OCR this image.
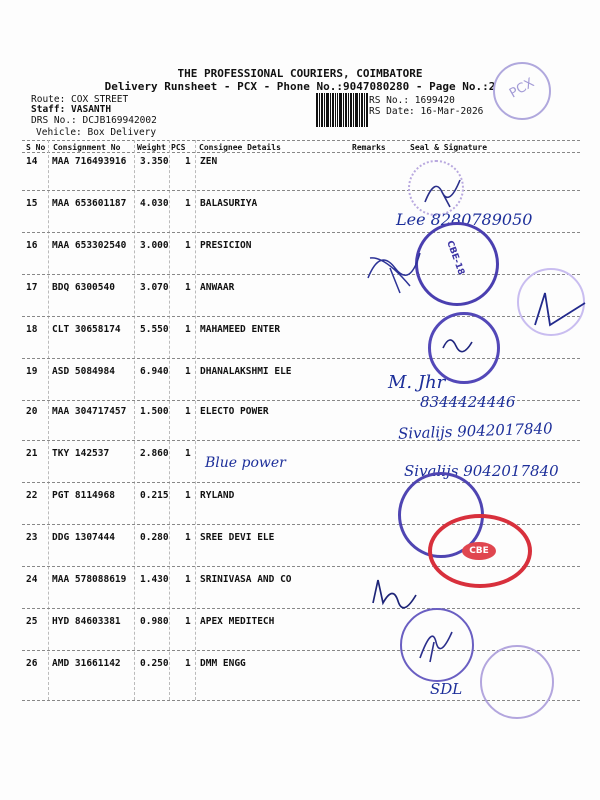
THE PROFESSIONAL COURIERS, COIMBATORE
Delivery Runsheet - PCX - Phone No.:9047080280 - Page No.:2
Route: COX STREET
Staff: VASANTH
DRS No.: DCJB169942002
Vehicle: Box Delivery
RS No.: 1699420
RS Date: 16-Mar-2026
PCX
S No Consignment No Weight PCS Consignee Details	Remarks	Seal & Signature
14 MAA 716493916 3.350 1 ZEN
15 MAA 653601187 4.030 1 BALASURIYA
16 MAA 653302540 3.000 1 PRESICION
17 BDQ 6300540	3.070 1 ANWAAR
18 CLT 30658174 5.550 1 MAHAMEED ENTER
19 ASD 5084984	6.940 1 DHANALAKSHMI ELE
20 MAA 304717457 1.500 1 ELECTO POWER
21 TKY 142537	2.860 1
22 PGT 8114968	0.215 1 RYLAND
23 DDG 1307444	0.280 1 SREE DEVI ELE
24 MAA 578088619 1.430 1 SRINIVASA AND CO
25 HYD 84603381 0.980 1 APEX MEDITECH
26 AMD 31661142 0.250 1 DMM ENGG
Lee 8280789050
CBE-18
M. Jhr
8344424446
Sivalijs 9042017840
Blue power	Sivalijs 9042017840
CBE
SDL
